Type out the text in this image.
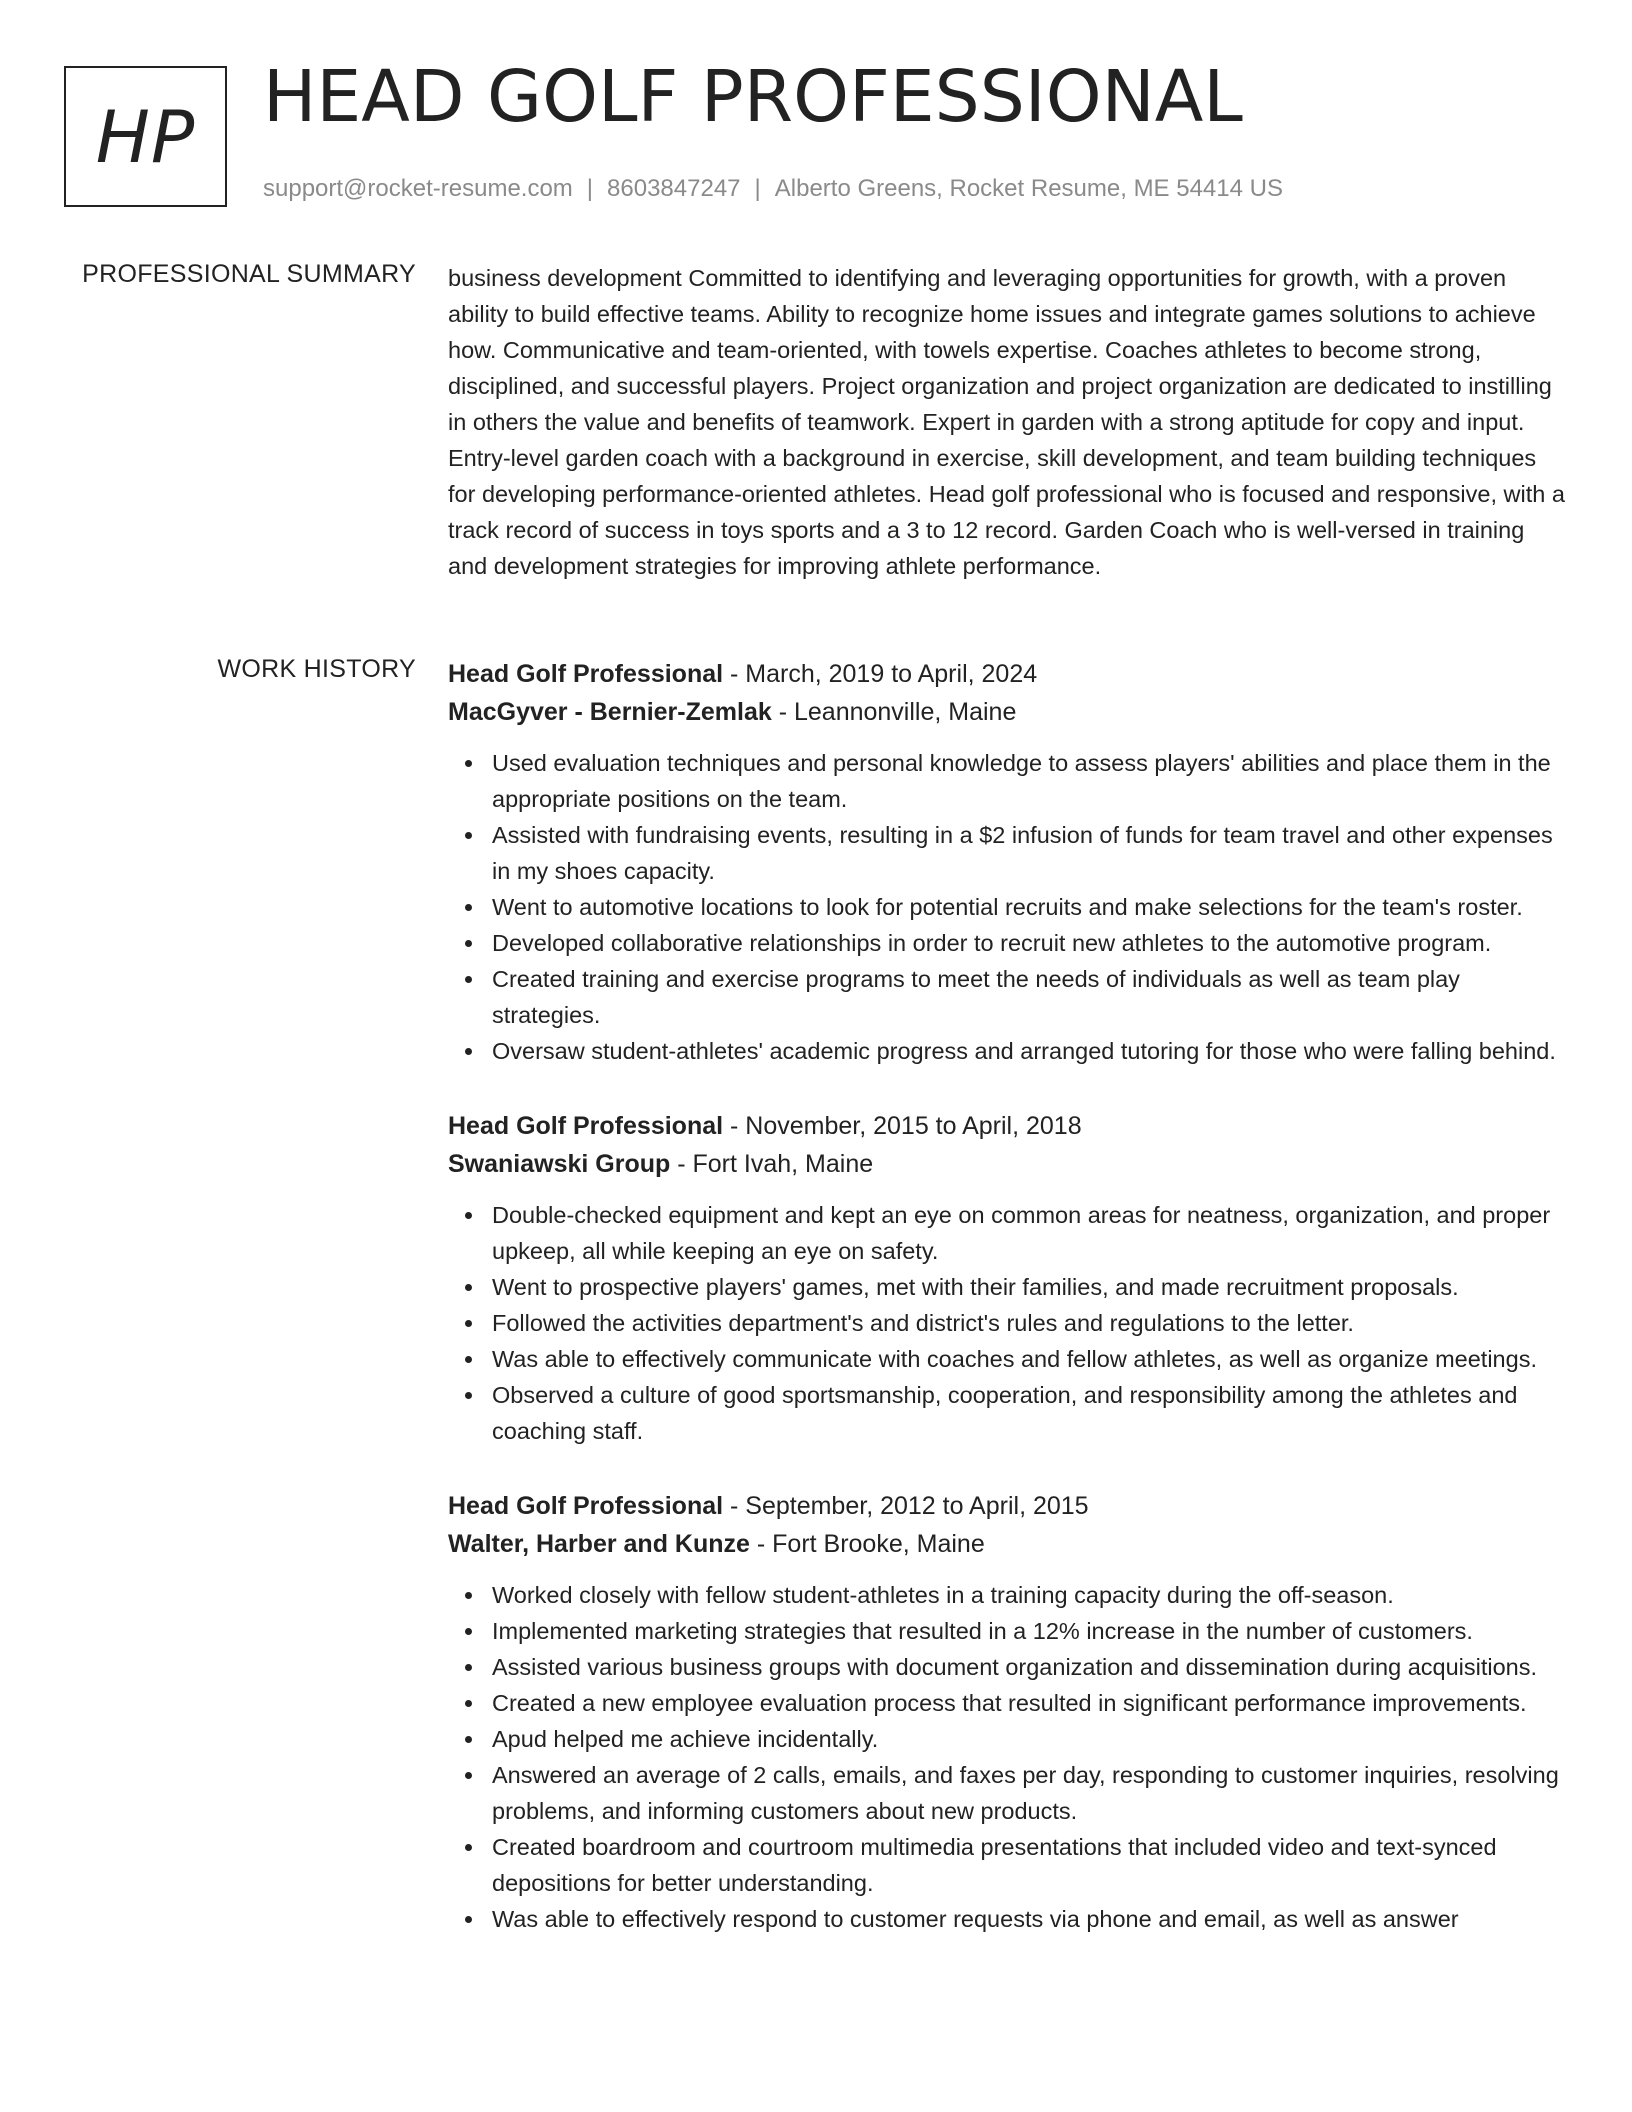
HP HEAD GOLF PROFESSIONAL
support@rocket-resume.com | 8603847247 | Alberto Greens, Rocket Resume, ME 54414 US
PROFESSIONAL SUMMARY business development Committed to identifying and leveraging opportunities for growth, with a proven ability to build effective teams. Ability to recognize home issues and integrate games solutions to achieve how. Communicative and team-oriented, with towels expertise. Coaches athletes to become strong, disciplined, and successful players. Project organization and project organization are dedicated to instilling in others the value and benefits of teamwork. Expert in garden with a strong aptitude for copy and input. Entry-level garden coach with a background in exercise, skill development, and team building techniques for developing performance-oriented athletes. Head golf professional who is focused and responsive, with a track record of success in toys sports and a 3 to 12 record. Garden Coach who is well-versed in training and development strategies for improving athlete performance.

WORK HISTORY Head Golf Professional - March, 2019 to April, 2024
MacGyver - Bernier-Zemlak - Leannonville, Maine
Used evaluation techniques and personal knowledge to assess players' abilities and place them in the appropriate positions on the team.
Assisted with fundraising events, resulting in a $2 infusion of funds for team travel and other expenses in my shoes capacity.
Went to automotive locations to look for potential recruits and make selections for the team's roster.
Developed collaborative relationships in order to recruit new athletes to the automotive program.
Created training and exercise programs to meet the needs of individuals as well as team play strategies.
Oversaw student-athletes' academic progress and arranged tutoring for those who were falling behind.
Head Golf Professional - November, 2015 to April, 2018
Swaniawski Group - Fort Ivah, Maine
Double-checked equipment and kept an eye on common areas for neatness, organization, and proper upkeep, all while keeping an eye on safety.
Went to prospective players' games, met with their families, and made recruitment proposals.
Followed the activities department's and district's rules and regulations to the letter.
Was able to effectively communicate with coaches and fellow athletes, as well as organize meetings.
Observed a culture of good sportsmanship, cooperation, and responsibility among the athletes and coaching staff.
Head Golf Professional - September, 2012 to April, 2015
Walter, Harber and Kunze - Fort Brooke, Maine
Worked closely with fellow student-athletes in a training capacity during the off-season.
Implemented marketing strategies that resulted in a 12% increase in the number of customers.
Assisted various business groups with document organization and dissemination during acquisitions.
Created a new employee evaluation process that resulted in significant performance improvements.
Apud helped me achieve incidentally.
Answered an average of 2 calls, emails, and faxes per day, responding to customer inquiries, resolving problems, and informing customers about new products.
Created boardroom and courtroom multimedia presentations that included video and text-synced depositions for better understanding.
Was able to effectively respond to customer requests via phone and email, as well as answer
